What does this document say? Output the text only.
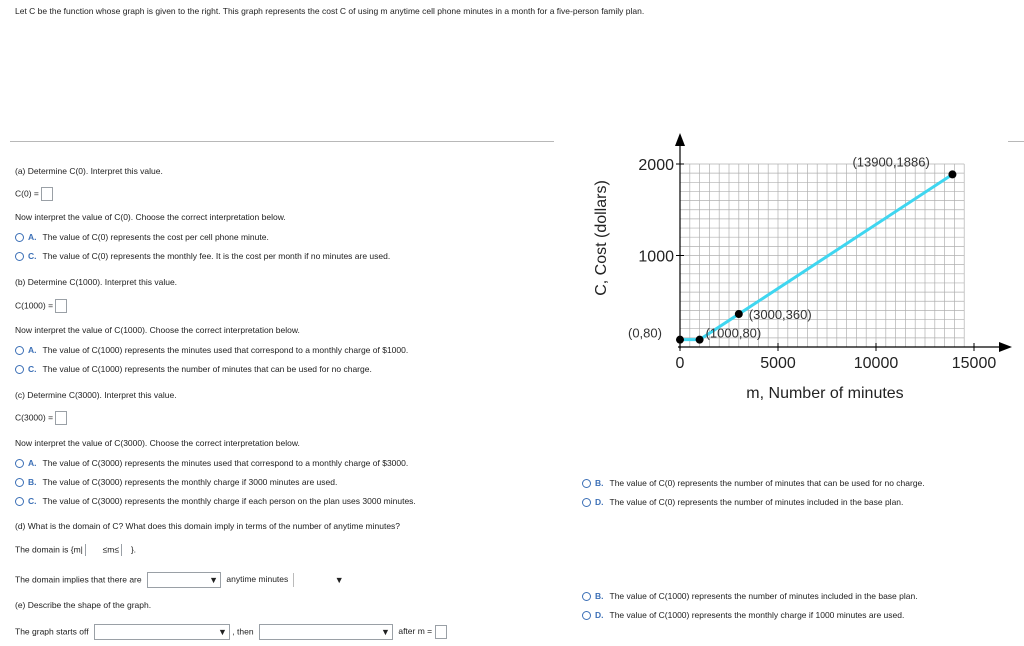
Let C be the function whose graph is given to the right. This graph represents the cost C of using m anytime cell phone minutes in a month for a five-person family plan.
(a) Determine C(0). Interpret this value.
C(0) =
Now interpret the value of C(0). Choose the correct interpretation below.
A. The value of C(0) represents the cost per cell phone minute.
C. The value of C(0) represents the monthly fee. It is the cost per month if no minutes are used.
B. The value of C(0) represents the number of minutes that can be used for no charge.
D. The value of C(0) represents the number of minutes included in the base plan.
(b) Determine C(1000). Interpret this value.
C(1000) =
Now interpret the value of C(1000). Choose the correct interpretation below.
A. The value of C(1000) represents the minutes used that correspond to a monthly charge of $1000.
C. The value of C(1000) represents the number of minutes that can be used for no charge.
B. The value of C(1000) represents the number of minutes included in the base plan.
D. The value of C(1000) represents the monthly charge if 1000 minutes are used.
(c) Determine C(3000). Interpret this value.
C(3000) =
Now interpret the value of C(3000). Choose the correct interpretation below.
A. The value of C(3000) represents the minutes used that correspond to a monthly charge of $3000.
B. The value of C(3000) represents the monthly charge if 3000 minutes are used.
C. The value of C(3000) represents the monthly charge if each person on the plan uses 3000 minutes.
(d) What is the domain of C? What does this domain imply in terms of the number of anytime minutes?
The domain is {m| ≤m≤ }.
The domain implies that there are	▼ anytime minutes	▼
(e) Describe the shape of the graph.
The graph starts off	▼ , then	▼ after m =
0	5000	10000	15000
1000
2000
(0,80)	(1000,80)
(3000,360)
(13900,1886)
C, Cost (dollars)
m, Number of minutes
